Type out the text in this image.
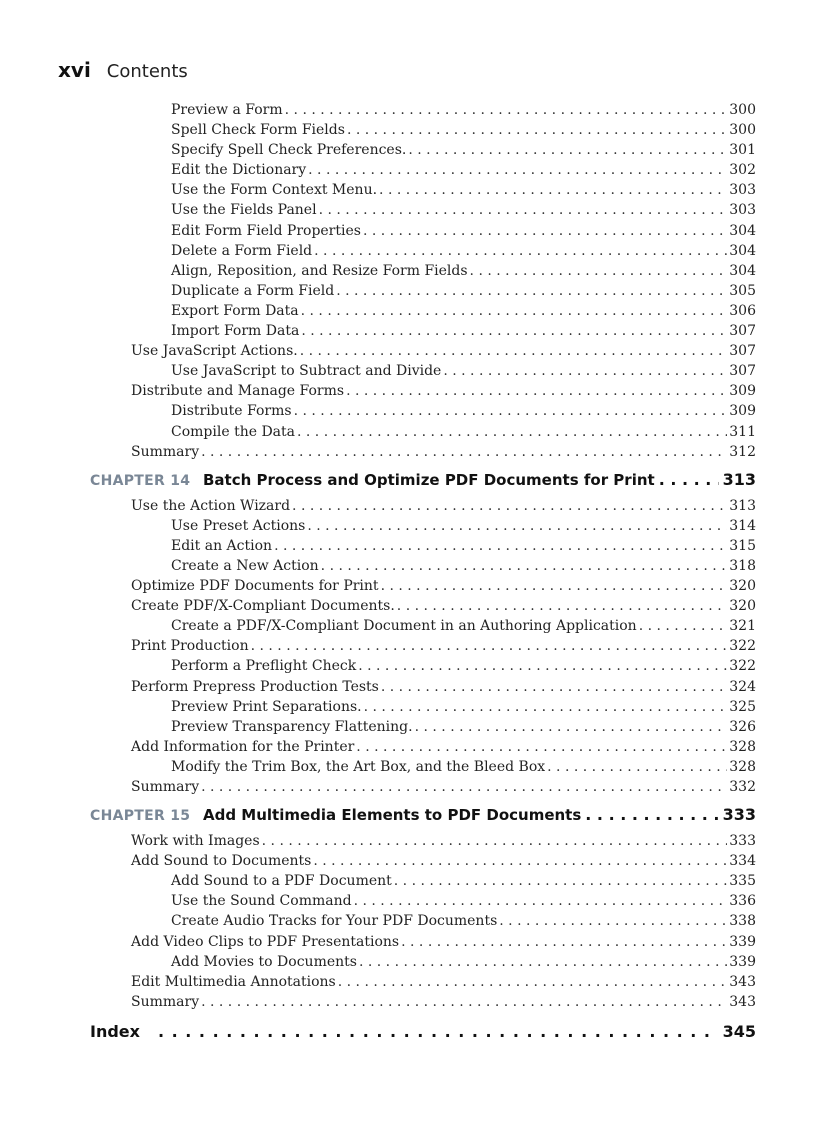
xvi Contents
Preview a Form . . .	300
Spell Check Form Fields . . .	300
Specify Spell Check Preferences. . . .	301
Edit the Dictionary . . .	302
Use the Form Context Menu. . . .	303
Use the Fields Panel . . .	303
Edit Form Field Properties . . .	304
Delete a Form Field . . .	304
Align, Reposition, and Resize Form Fields . . .	304
Duplicate a Form Field . . .	305
Export Form Data . . .	306
Import Form Data . . .	307
Use JavaScript Actions. . . .	307
Use JavaScript to Subtract and Divide . . .	307
Distribute and Manage Forms . . .	309
Distribute Forms . . .	309
Compile the Data . . .	311
Summary . . .	312
CHAPTER 14 Batch Process and Optimize PDF Documents for Print . . .	313
Use the Action Wizard . . .	313
Use Preset Actions . . .	314
Edit an Action . . .	315
Create a New Action . . .	318
Optimize PDF Documents for Print . . .	320
Create PDF/X-Compliant Documents. . . .	320
Create a PDF/X-Compliant Document in an Authoring Application . . .	321
Print Production . . .	322
Perform a Preflight Check . . .	322
Perform Prepress Production Tests . . .	324
Preview Print Separations. . . .	325
Preview Transparency Flattening. . . .	326
Add Information for the Printer . . .	328
Modify the Trim Box, the Art Box, and the Bleed Box . . .	328
Summary . . .	332
CHAPTER 15 Add Multimedia Elements to PDF Documents . . .	333
Work with Images . . .	333
Add Sound to Documents . . .	334
Add Sound to a PDF Document . . .	335
Use the Sound Command . . .	336
Create Audio Tracks for Your PDF Documents . . .	338
Add Video Clips to PDF Presentations . . .	339
Add Movies to Documents . . .	339
Edit Multimedia Annotations . . .	343
Summary . . .	343
Index . . .	345
